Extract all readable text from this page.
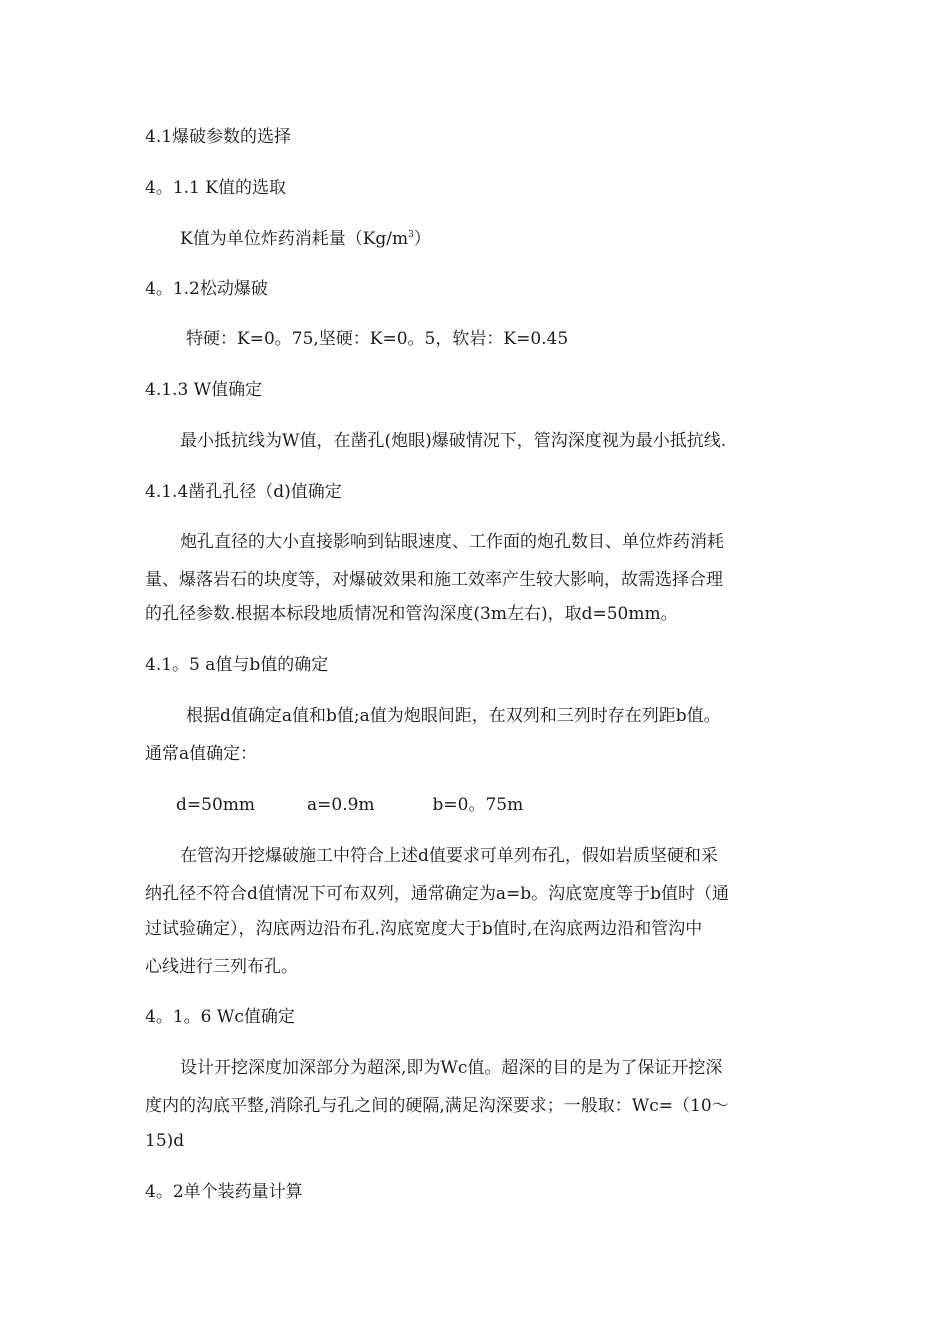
4.1爆破参数的选择

4。1.1 K值的选取

K值为单位炸药消耗量$(Kg/m^3)$

4。1.2松动爆破

特硬：K=0。75,坚硬：K=0。5，软岩：K=0.45

4.1.3 W值确定

最小抵抗线为W值，在凿孔(炮眼)爆破情况下，管沟深度视为最小抵抗线.

4.1.4凿孔孔径（d)值确定

炮孔直径的大小直接影响到钻眼速度、工作面的炮孔数目、单位炸药消耗

量、爆落岩石的块度等，对爆破效果和施工效率产生较大影响，故需选择合理

的孔径参数.根据本标段地质情况和管沟深度(3m左右)，取d=50mm。

4.1。5 a值与b值的确定

根据d值确定a值和b值;a值为炮眼间距，在双列和三列时存在列距b值。

通常a值确定：

d=50mm	a=0.9m	b=0。75m

在管沟开挖爆破施工中符合上述d值要求可单列布孔，假如岩质坚硬和采

纳孔径不符合d值情况下可布双列，通常确定为a=b。沟底宽度等于b值时（通

过试验确定），沟底两边沿布孔.沟底宽度大于b值时,在沟底两边沿和管沟中

心线进行三列布孔。

4。1。6 Wc值确定

设计开挖深度加深部分为超深,即为Wc值。超深的目的是为了保证开挖深

度内的沟底平整,消除孔与孔之间的硬隔,满足沟深要求；一般取：Wc=（10～

15)d

4。2单个装药量计算
